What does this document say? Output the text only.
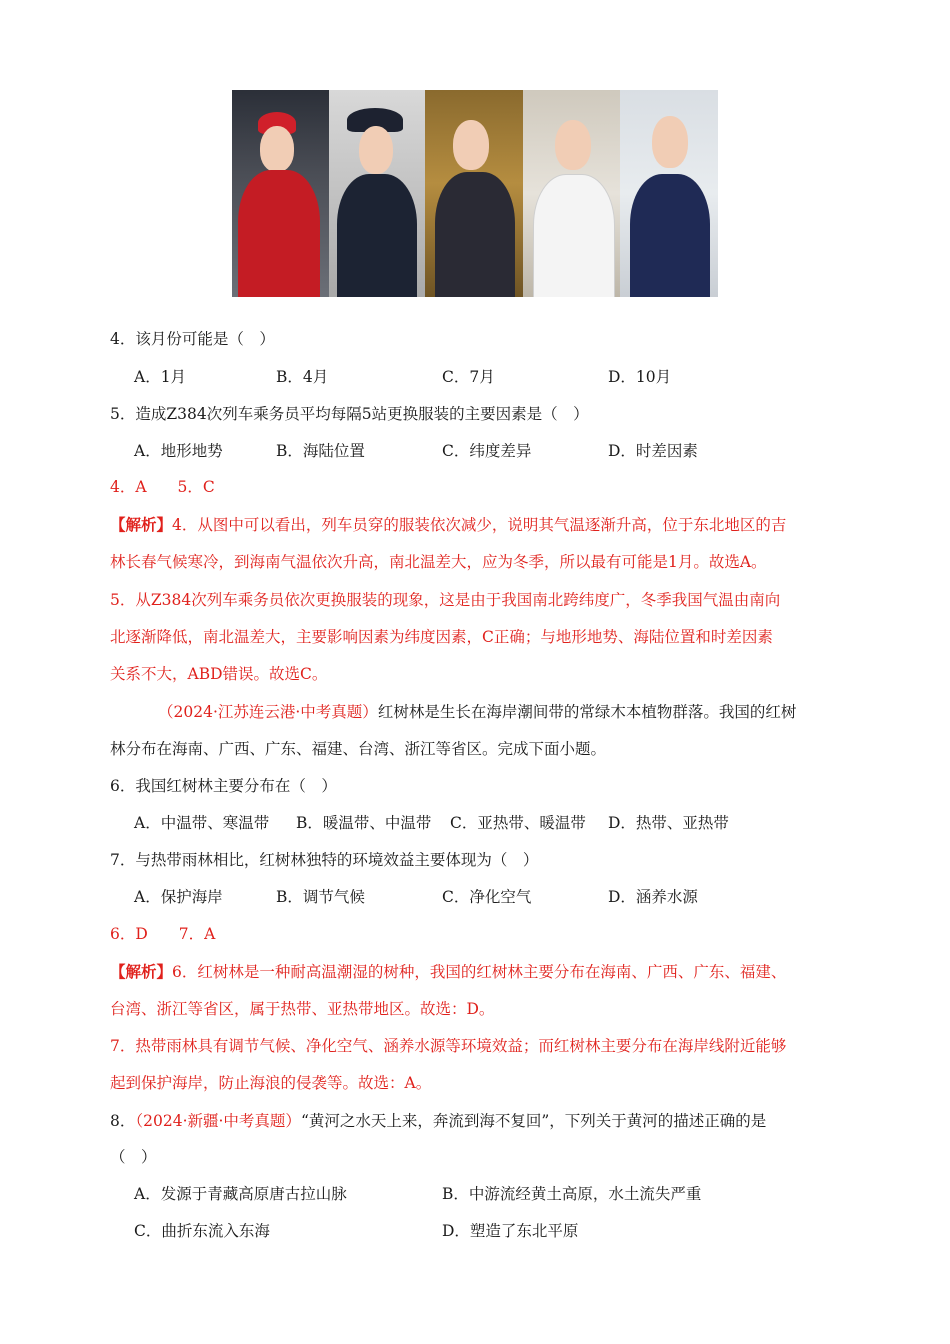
4．该月份可能是（　）
A．1月	B．4月	C．7月	D．10月
5．造成Z384次列车乘务员平均每隔5站更换服装的主要因素是（　）
A．地形地势	B．海陆位置	C．纬度差异	D．时差因素
4．A　　5．C
【解析】4．从图中可以看出，列车员穿的服装依次减少，说明其气温逐渐升高，位于东北地区的吉
林长春气候寒冷，到海南气温依次升高，南北温差大，应为冬季，所以最有可能是1月。故选A。
5．从Z384次列车乘务员依次更换服装的现象，这是由于我国南北跨纬度广，冬季我国气温由南向
北逐渐降低，南北温差大，主要影响因素为纬度因素，C正确；与地形地势、海陆位置和时差因素
关系不大，ABD错误。故选C。
（2024·江苏连云港·中考真题）红树林是生长在海岸潮间带的常绿木本植物群落。我国的红树
林分布在海南、广西、广东、福建、台湾、浙江等省区。完成下面小题。
6．我国红树林主要分布在（　）
A．中温带、寒温带 B．暖温带、中温带 C．亚热带、暖温带 D．热带、亚热带
7．与热带雨林相比，红树林独特的环境效益主要体现为（　）
A．保护海岸	B．调节气候	C．净化空气	D．涵养水源
6．D　　7．A
【解析】6．红树林是一种耐高温潮湿的树种，我国的红树林主要分布在海南、广西、广东、福建、
台湾、浙江等省区，属于热带、亚热带地区。故选：D。
7．热带雨林具有调节气候、净化空气、涵养水源等环境效益；而红树林主要分布在海岸线附近能够
起到保护海岸，防止海浪的侵袭等。故选：A。
8．（2024·新疆·中考真题）“黄河之水天上来，奔流到海不复回”，下列关于黄河的描述正确的是
（　）
A．发源于青藏高原唐古拉山脉	B．中游流经黄土高原，水土流失严重
C．曲折东流入东海	D．塑造了东北平原
